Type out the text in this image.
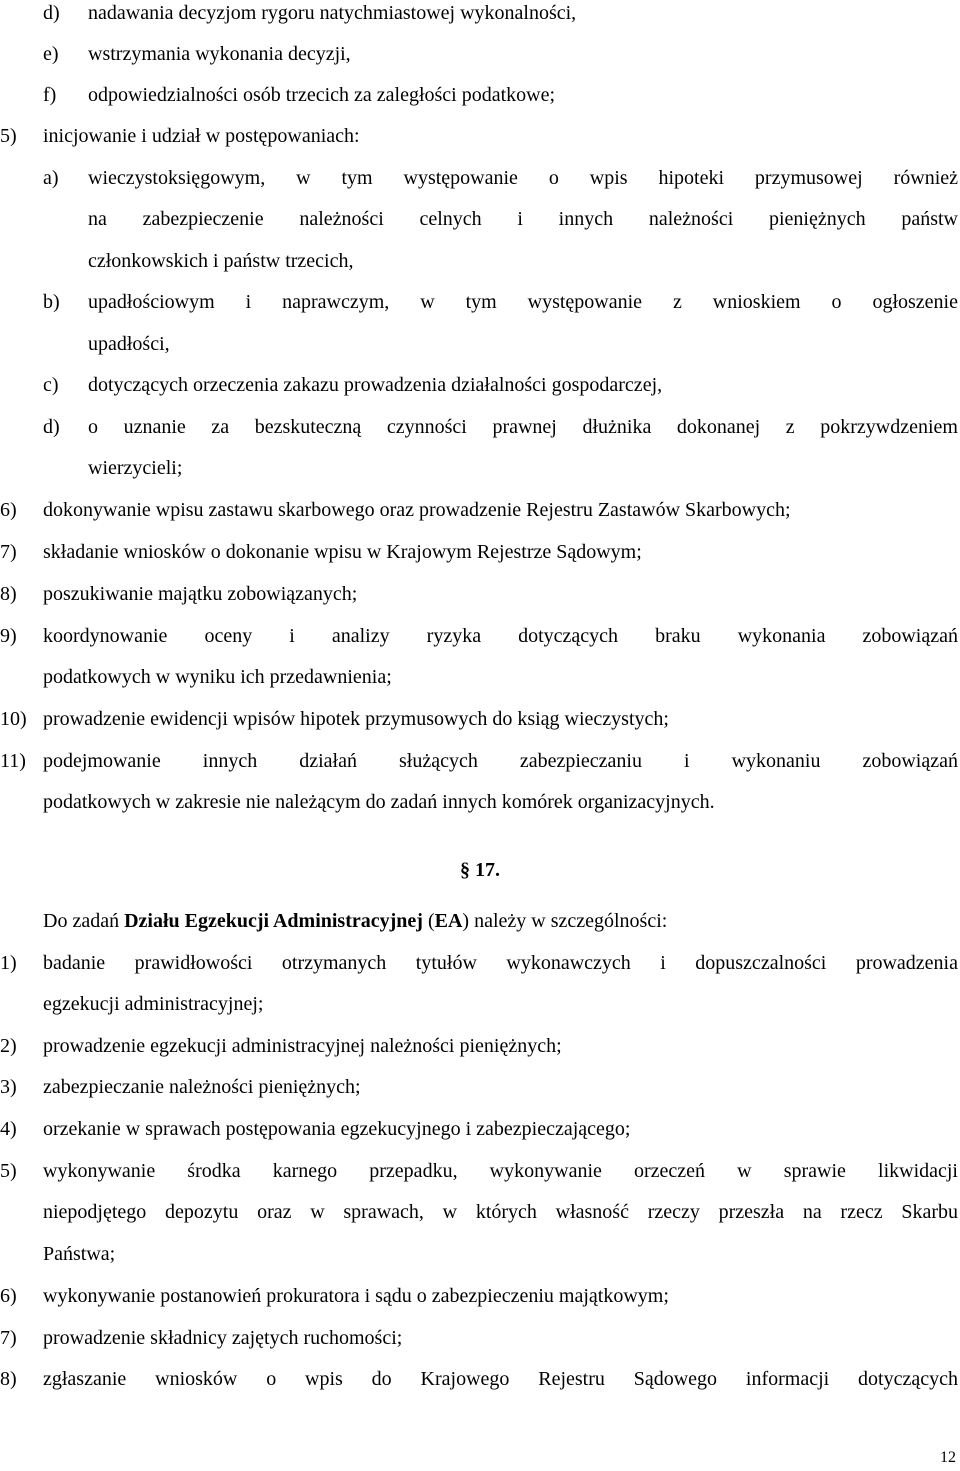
d) nadawania decyzjom rygoru natychmiastowej wykonalności,
e) wstrzymania wykonania decyzji,
f) odpowiedzialności osób trzecich za zaległości podatkowe;
5) inicjowanie i udział w postępowaniach:
a) wieczystoksięgowym, w tym występowanie o wpis hipoteki przymusowej również
na zabezpieczenie należności celnych i innych należności pieniężnych państw
członkowskich i państw trzecich,
b) upadłościowym i naprawczym, w tym występowanie z wnioskiem o ogłoszenie
upadłości,
c) dotyczących orzeczenia zakazu prowadzenia działalności gospodarczej,
d) o uznanie za bezskuteczną czynności prawnej dłużnika dokonanej z pokrzywdzeniem
wierzycieli;
6) dokonywanie wpisu zastawu skarbowego oraz prowadzenie Rejestru Zastawów Skarbowych;
7) składanie wniosków o dokonanie wpisu w Krajowym Rejestrze Sądowym;
8) poszukiwanie majątku zobowiązanych;
9) koordynowanie oceny i analizy ryzyka dotyczących braku wykonania zobowiązań
podatkowych w wyniku ich przedawnienia;
10) prowadzenie ewidencji wpisów hipotek przymusowych do ksiąg wieczystych;
11) podejmowanie innych działań służących zabezpieczaniu i wykonaniu zobowiązań
podatkowych w zakresie nie należącym do zadań innych komórek organizacyjnych.
§ 17.
Do zadań Działu Egzekucji Administracyjnej (EA) należy w szczególności:
1) badanie prawidłowości otrzymanych tytułów wykonawczych i dopuszczalności prowadzenia
egzekucji administracyjnej;
2) prowadzenie egzekucji administracyjnej należności pieniężnych;
3) zabezpieczanie należności pieniężnych;
4) orzekanie w sprawach postępowania egzekucyjnego i zabezpieczającego;
5) wykonywanie środka karnego przepadku, wykonywanie orzeczeń w sprawie likwidacji
niepodjętego depozytu oraz w sprawach, w których własność rzeczy przeszła na rzecz Skarbu
Państwa;
6) wykonywanie postanowień prokuratora i sądu o zabezpieczeniu majątkowym;
7) prowadzenie składnicy zajętych ruchomości;
8) zgłaszanie wniosków o wpis do Krajowego Rejestru Sądowego informacji dotyczących
12
